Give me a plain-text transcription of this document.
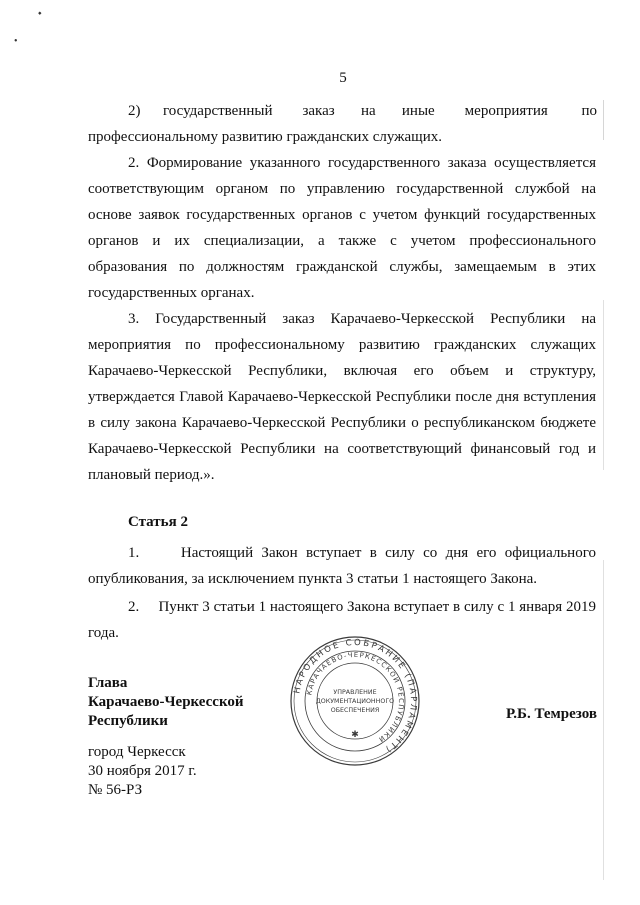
⬩
•
5

2)      государственный        заказ       на       иные        мероприятия         по

профессиональному развитию гражданских служащих.

2. Формирование указанного государственного заказа осуществляется соответствующим органом по управлению государственной службой на основе заявок государственных органов с учетом функций государственных органов и их специализации, а также с учетом профессионального образования по должностям гражданской службы, замещаемым в этих государственных органах.

3. Государственный заказ Карачаево-Черкесской Республики на мероприятия по профессиональному развитию гражданских служащих Карачаево-Черкесской Республики, включая его объем и структуру, утверждается Главой Карачаево-Черкесской Республики после дня вступления в силу закона Карачаево-Черкесской Республики о республиканском бюджете Карачаево-Черкесской Республики на соответствующий финансовый год и плановый период.».

Статья 2

1.     Настоящий Закон вступает в силу со дня его официального опубликования, за исключением пункта 3 статьи 1 настоящего Закона.

2.     Пункт 3 статьи 1 настоящего Закона вступает в силу с 1 января 2019 года.

Глава
Карачаево-Черкесской
Республики
НАРОДНОЕ СОБРАНИЕ (ПАРЛАМЕНТ)
КАРАЧАЕВО-ЧЕРКЕССКОЙ РЕСПУБЛИКИ
УПРАВЛЕНИЕ
ДОКУМЕНТАЦИОННОГО
ОБЕСПЕЧЕНИЯ
✱
Р.Б. Темрезов
город Черкесск
30 ноября 2017 г.
№ 56-РЗ
